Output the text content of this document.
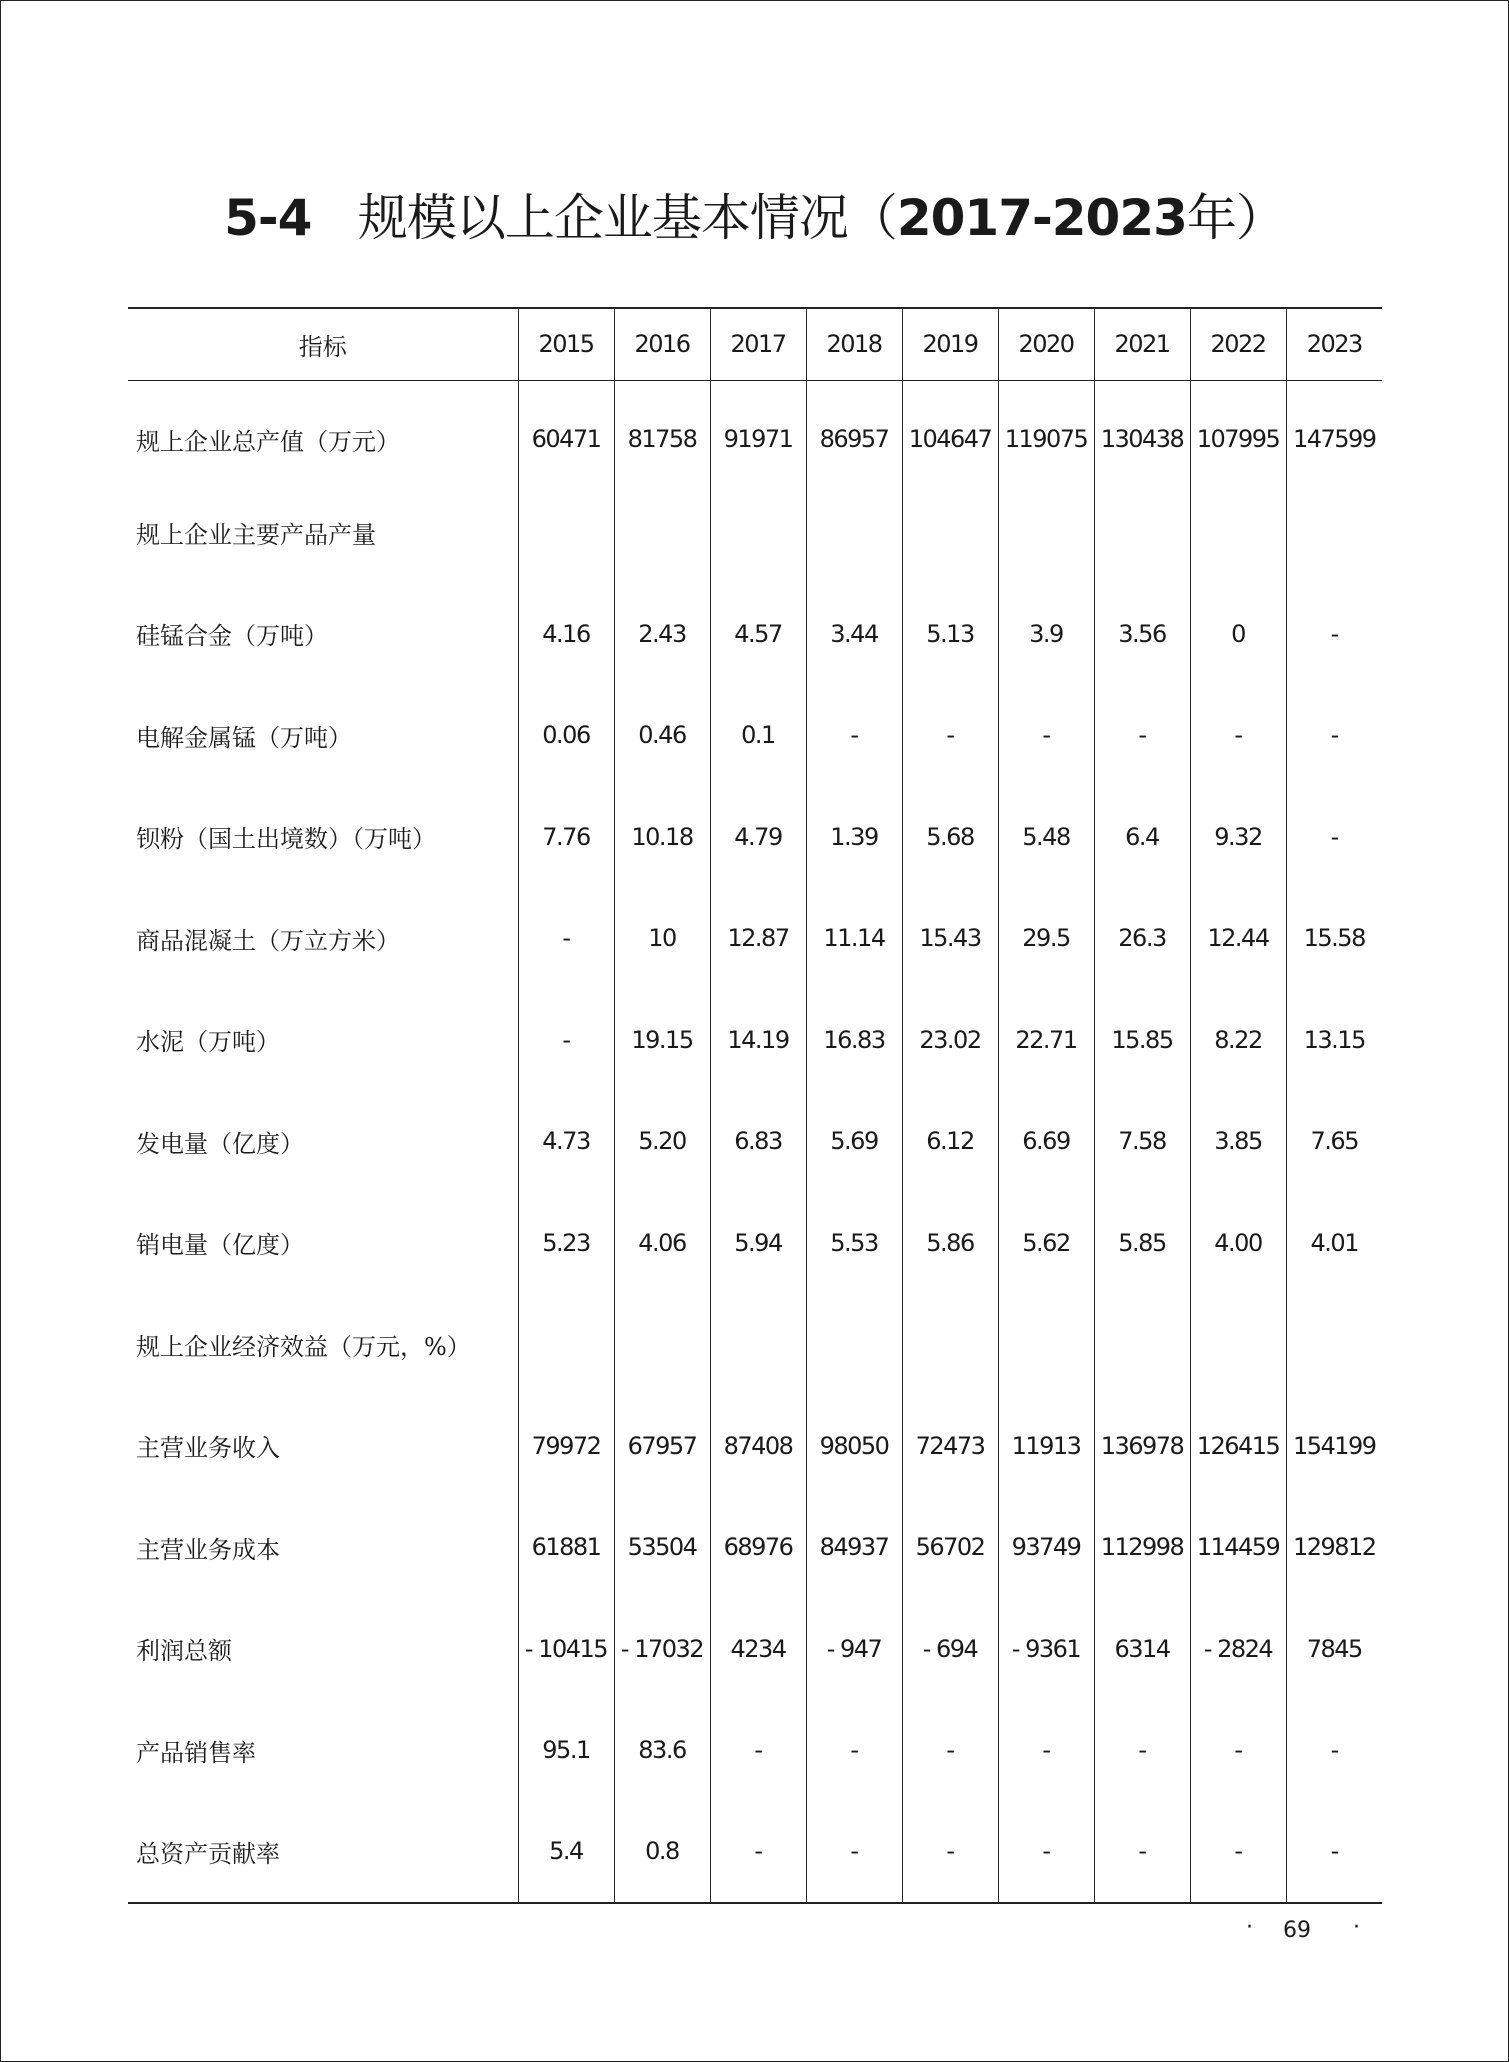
5-4 规模以上企业基本情况（2017-2023年）
指标	2015	2016	2017	2018	2019	2020	2021	2022	2023
规上企业总产值（万元）	60471	81758	91971	86957	104647	119075	130438	107995	147599
规上企业主要产品产量									
硅锰合金（万吨）	4.16	2.43	4.57	3.44	5.13	3.9	3.56	0	-
电解金属锰（万吨）	0.06	0.46	0.1	-	-	-	-	-	-
钡粉（国土出境数）（万吨）	7.76	10.18	4.79	1.39	5.68	5.48	6.4	9.32	-
商品混凝土（万立方米）	-	10	12.87	11.14	15.43	29.5	26.3	12.44	15.58
水泥（万吨）	-	19.15	14.19	16.83	23.02	22.71	15.85	8.22	13.15
发电量（亿度）	4.73	5.20	6.83	5.69	6.12	6.69	7.58	3.85	7.65
销电量（亿度）	5.23	4.06	5.94	5.53	5.86	5.62	5.85	4.00	4.01
规上企业经济效益（万元，%）									
主营业务收入	79972	67957	87408	98050	72473	11913	136978	126415	154199
主营业务成本	61881	53504	68976	84937	56702	93749	112998	114459	129812
利润总额	- 10415	- 17032	4234	- 947	- 694	- 9361	6314	- 2824	7845
产品销售率	95.1	83.6	-	-	-	-	-	-	-
总资产贡献率	5.4	0.8	-	-	-	-	-	-	-
· 69 ·
